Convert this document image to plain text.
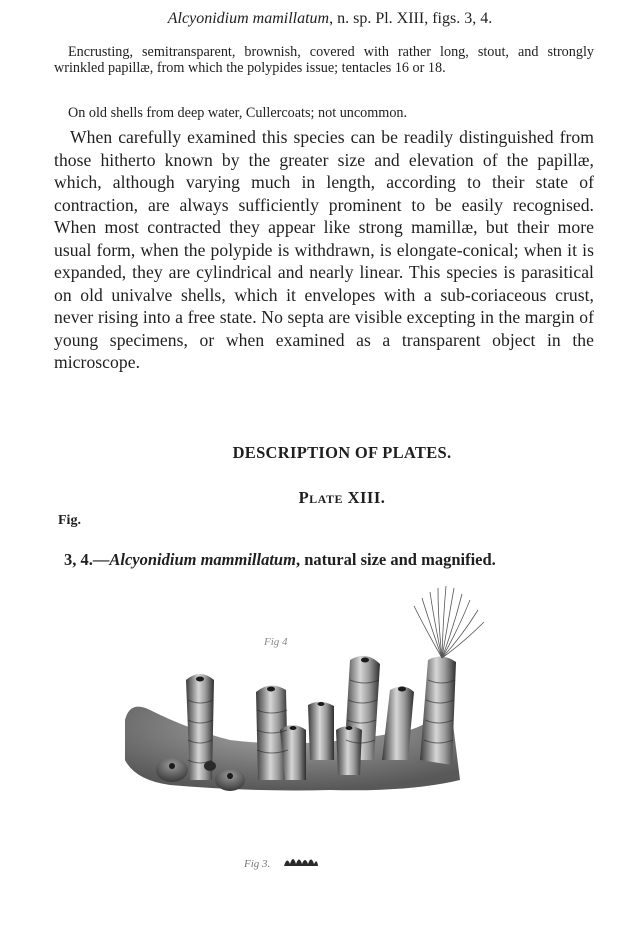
Alcyonidium mamillatum, n. sp. Pl. XIII, figs. 3, 4.
Encrusting, semitransparent, brownish, covered with rather long, stout, and strongly wrinkled papillæ, from which the polypides issue; tentacles 16 or 18.
On old shells from deep water, Cullercoats; not uncommon.
When carefully examined this species can be readily distinguished from those hitherto known by the greater size and elevation of the papillæ, which, although varying much in length, according to their state of contraction, are always sufficiently prominent to be easily recognised. When most contracted they appear like strong mamillæ, but their more usual form, when the polypide is withdrawn, is elongate-conical; when it is expanded, they are cylindrical and nearly linear. This species is parasitical on old univalve shells, which it envelopes with a sub-coriaceous crust, never rising into a free state. No septa are visible excepting in the margin of young specimens, or when examined as a transparent object in the microscope.
DESCRIPTION OF PLATES.
Plate XIII.
Fig.
3, 4.—Alcyonidium mammillatum, natural size and magnified.
Fig 4
Fig 3.
